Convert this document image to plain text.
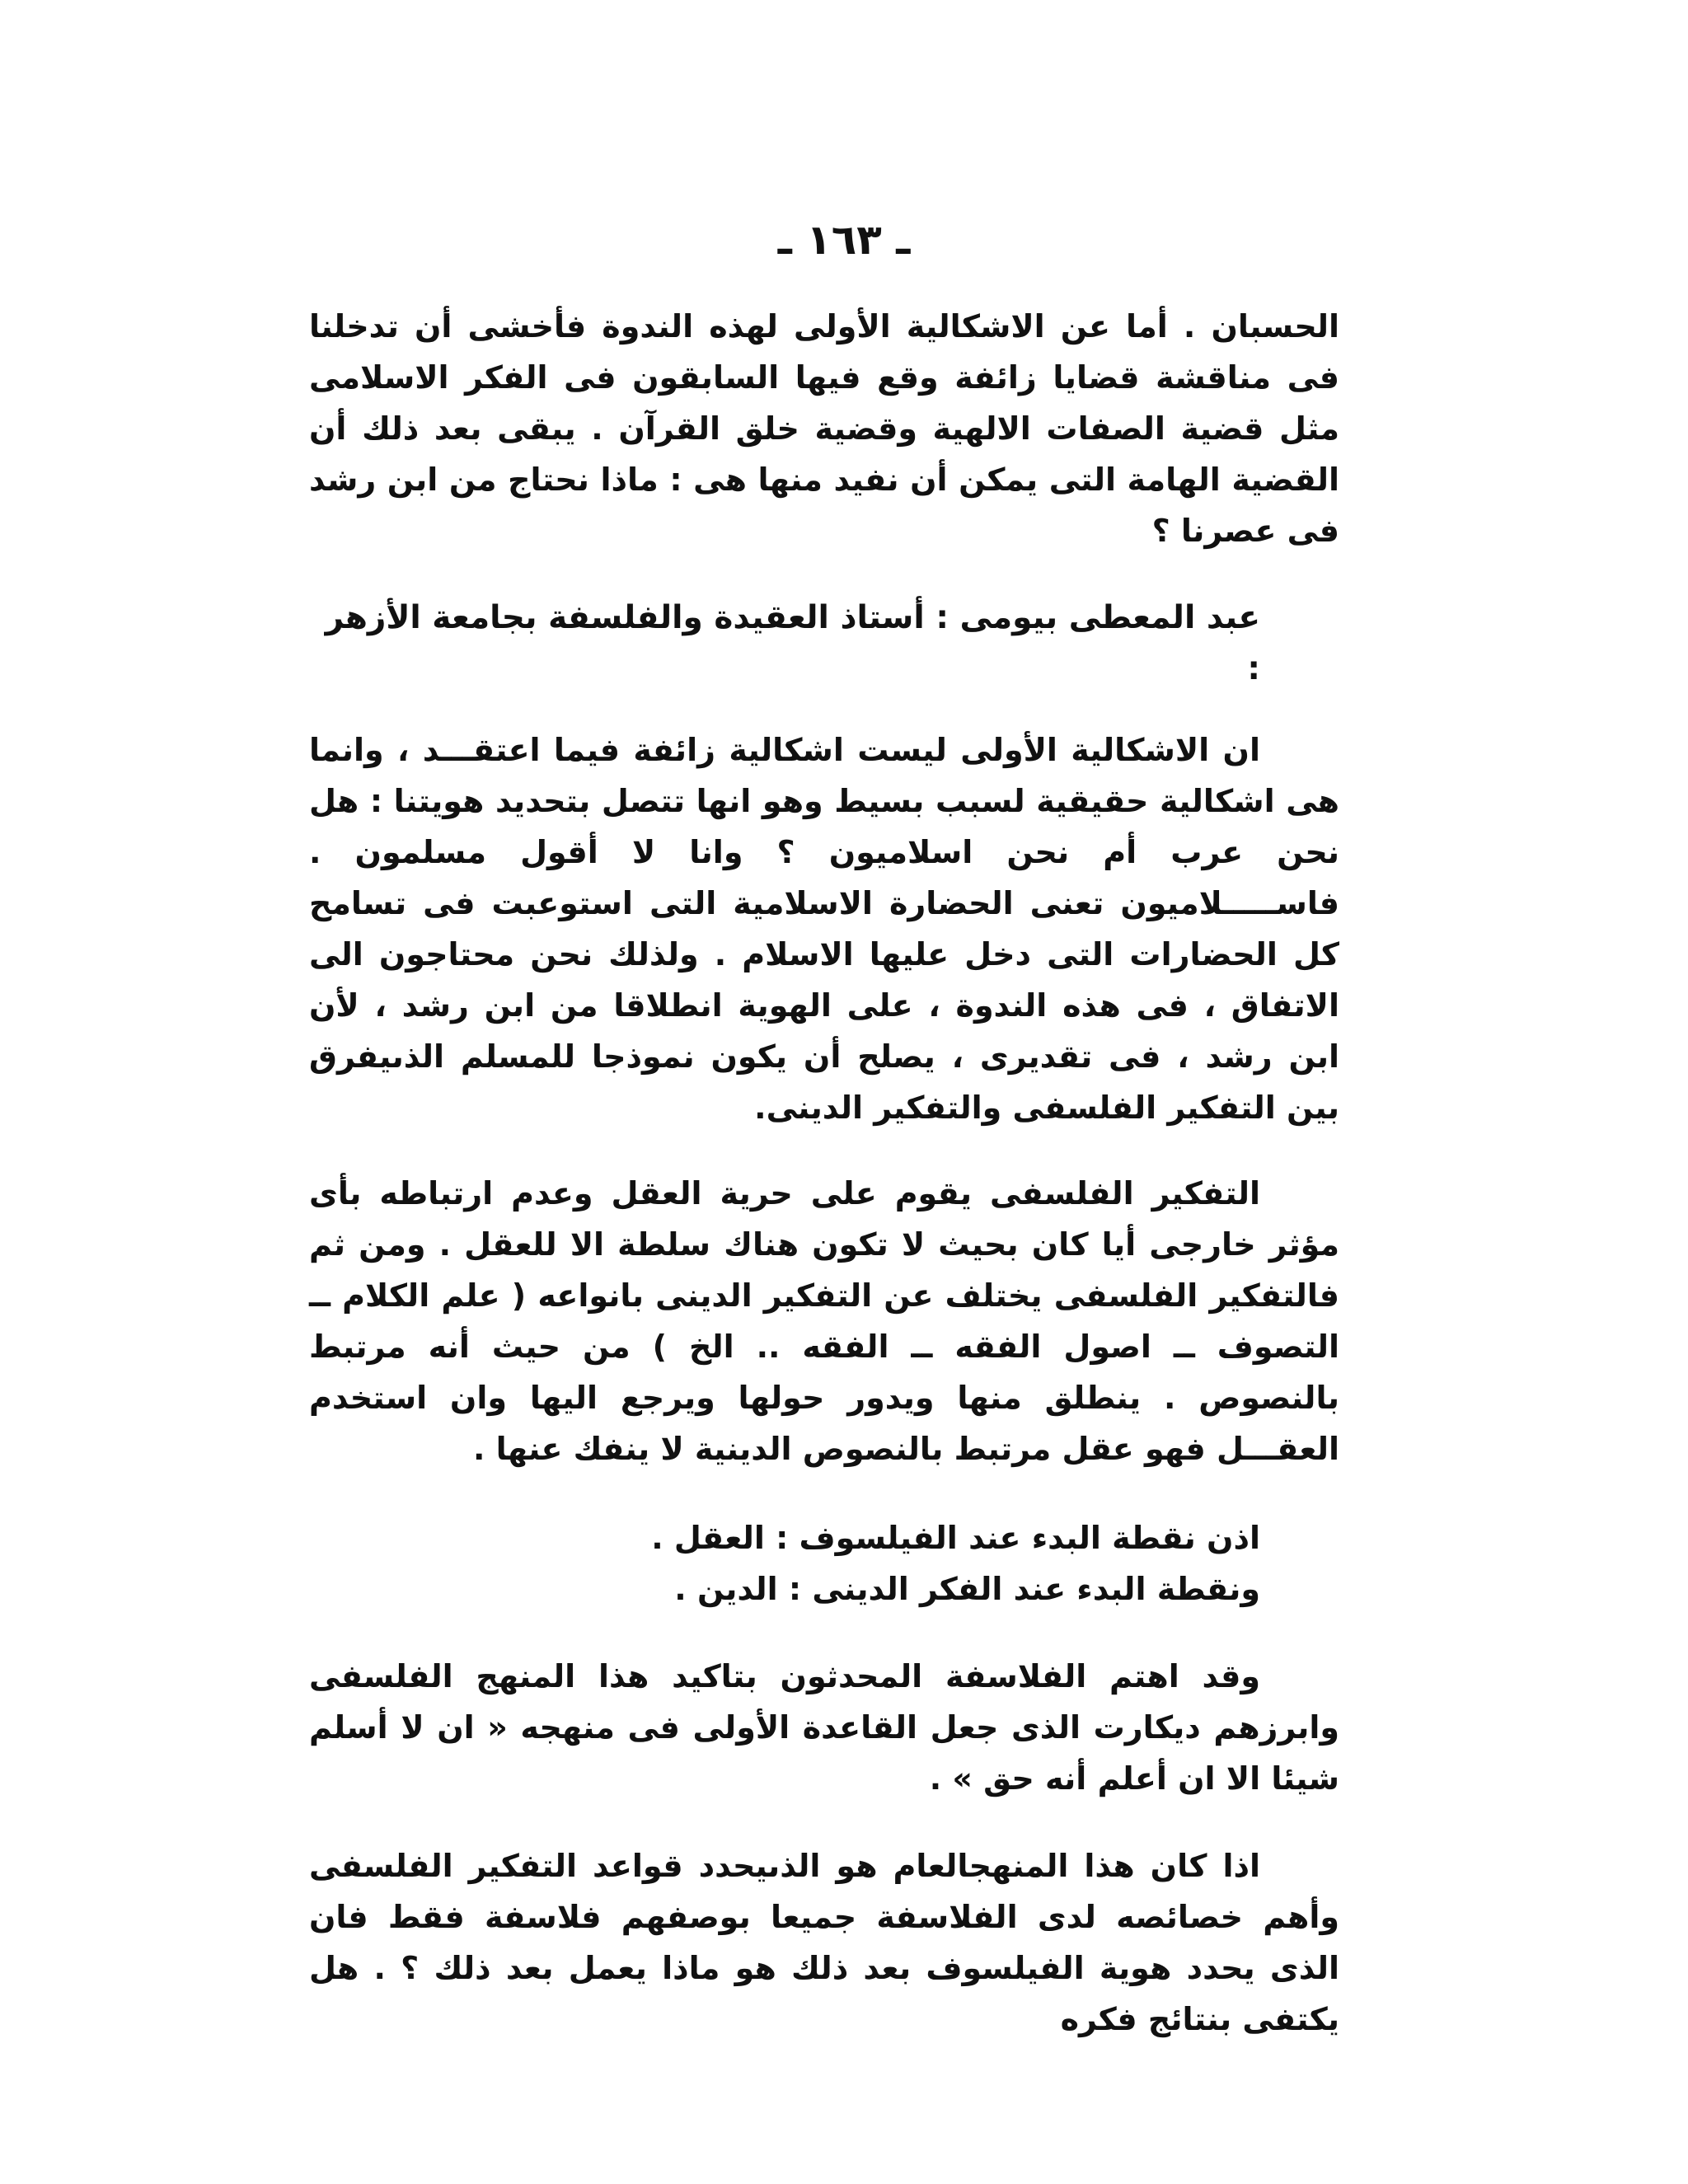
ـ ١٦٣ ـ

الحسبان . أما عن الاشكالية الأولى لهذه الندوة فأخشى أن تدخلنا فى مناقشة قضايا زائفة وقع فيها السابقون فى الفكر الاسلامى مثل قضية الصفات الالهية وقضية خلق القرآن . يبقى بعد ذلك أن القضية الهامة التى يمكن أن نفيد منها هى : ماذا نحتاج من ابن رشد فى عصرنا ؟

عبد المعطى بيومى : أستاذ العقيدة والفلسفة بجامعة الأزهر :

ان الاشكالية الأولى ليست اشكالية زائفة فيما اعتقـــد ، وانما هى اشكالية حقيقية لسبب بسيط وهو انها تتصل بتحديد هويتنا : هل نحن عرب أم نحن اسلاميون ؟ وانا لا أقول مسلمون . فاســـــلاميون تعنى الحضارة الاسلامية التى استوعبت فى تسامح كل الحضارات التى دخل عليها الاسلام . ولذلك نحن محتاجون الى الاتفاق ، فى هذه الندوة ، على الهوية انطلاقا من ابن رشد ، لأن ابن رشد ، فى تقديرى ، يصلح أن يكون نموذجا للمسلم الذىيفرق بين التفكير الفلسفى والتفكير الدينى.

التفكير الفلسفى يقوم على حرية العقل وعدم ارتباطه بأى مؤثر خارجى أيا كان بحيث لا تكون هناك سلطة الا للعقل . ومن ثم فالتفكير الفلسفى يختلف عن التفكير الدينى بانواعه ( علم الكلام ــ التصوف ــ اصول الفقه ــ الفقه .. الخ ) من حيث أنه مرتبط بالنصوص . ينطلق منها ويدور حولها ويرجع اليها وان استخدم العقـــل فهو عقل مرتبط بالنصوص الدينية لا ينفك عنها .

اذن نقطة البدء عند الفيلسوف : العقل .
ونقطة البدء عند الفكر الدينى : الدين .

وقد اهتم الفلاسفة المحدثون بتاكيد هذا المنهج الفلسفى وابرزهم ديكارت الذى جعل القاعدة الأولى فى منهجه « ان لا أسلم شيئا الا ان أعلم أنه حق » .

اذا كان هذا المنهجالعام هو الذىيحدد قواعد التفكير الفلسفى وأهم خصائصه لدى الفلاسفة جميعا بوصفهم فلاسفة فقط فان الذى يحدد هوية الفيلسوف بعد ذلك هو ماذا يعمل بعد ذلك ؟ . هل يكتفى بنتائج فكره
